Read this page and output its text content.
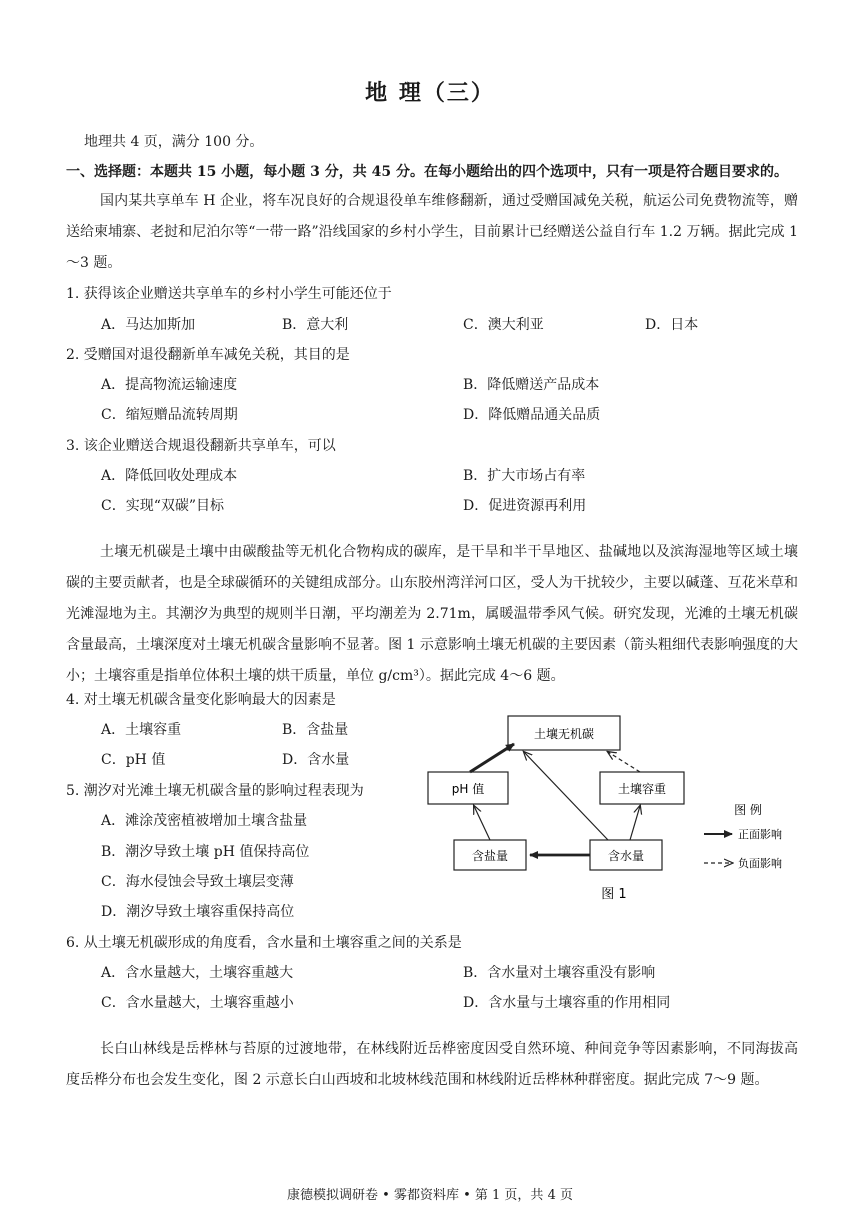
地 理（三）
地理共 4 页，满分 100 分。
一、选择题：本题共 15 小题，每小题 3 分，共 45 分。在每小题给出的四个选项中，只有一项是符合题目要求的。
国内某共享单车 H 企业，将车况良好的合规退役单车维修翻新，通过受赠国减免关税，航运公司免费物流等，赠送给柬埔寨、老挝和尼泊尔等“一带一路”沿线国家的乡村小学生，目前累计已经赠送公益自行车 1.2 万辆。据此完成 1～3 题。
1. 获得该企业赠送共享单车的乡村小学生可能还位于
A．马达加斯加	B．意大利	C．澳大利亚	D．日本
2. 受赠国对退役翻新单车减免关税，其目的是
A．提高物流运输速度	B．降低赠送产品成本
C．缩短赠品流转周期	D．降低赠品通关品质
3. 该企业赠送合规退役翻新共享单车，可以
A．降低回收处理成本	B．扩大市场占有率
C．实现“双碳”目标	D．促进资源再利用
土壤无机碳是土壤中由碳酸盐等无机化合物构成的碳库，是干旱和半干旱地区、盐碱地以及滨海湿地等区域土壤碳的主要贡献者，也是全球碳循环的关键组成部分。山东胶州湾洋河口区，受人为干扰较少，主要以碱蓬、互花米草和光滩湿地为主。其潮汐为典型的规则半日潮，平均潮差为 2.71m，属暖温带季风气候。研究发现，光滩的土壤无机碳含量最高，土壤深度对土壤无机碳含量影响不显著。图 1 示意影响土壤无机碳的主要因素（箭头粗细代表影响强度的大小；土壤容重是指单位体积土壤的烘干质量，单位 g/cm³）。据此完成 4～6 题。
4. 对土壤无机碳含量变化影响最大的因素是
A．土壤容重	B．含盐量
C．pH 值	D．含水量
5. 潮汐对光滩土壤无机碳含量的影响过程表现为
A．滩涂茂密植被增加土壤含盐量
B．潮汐导致土壤 pH 值保持高位
C．海水侵蚀会导致土壤层变薄
D．潮汐导致土壤容重保持高位
土壤无机碳
pH 值	土壤容重
含盐量	含水量
图 例
正面影响
负面影响
图 1
6. 从土壤无机碳形成的角度看，含水量和土壤容重之间的关系是
A．含水量越大，土壤容重越大	B．含水量对土壤容重没有影响
C．含水量越大，土壤容重越小	D．含水量与土壤容重的作用相同
长白山林线是岳桦林与苔原的过渡地带，在林线附近岳桦密度因受自然环境、种间竞争等因素影响，不同海拔高度岳桦分布也会发生变化，图 2 示意长白山西坡和北坡林线范围和林线附近岳桦林种群密度。据此完成 7～9 题。
康德模拟调研卷 • 雾都资料库 • 第 1 页，共 4 页
